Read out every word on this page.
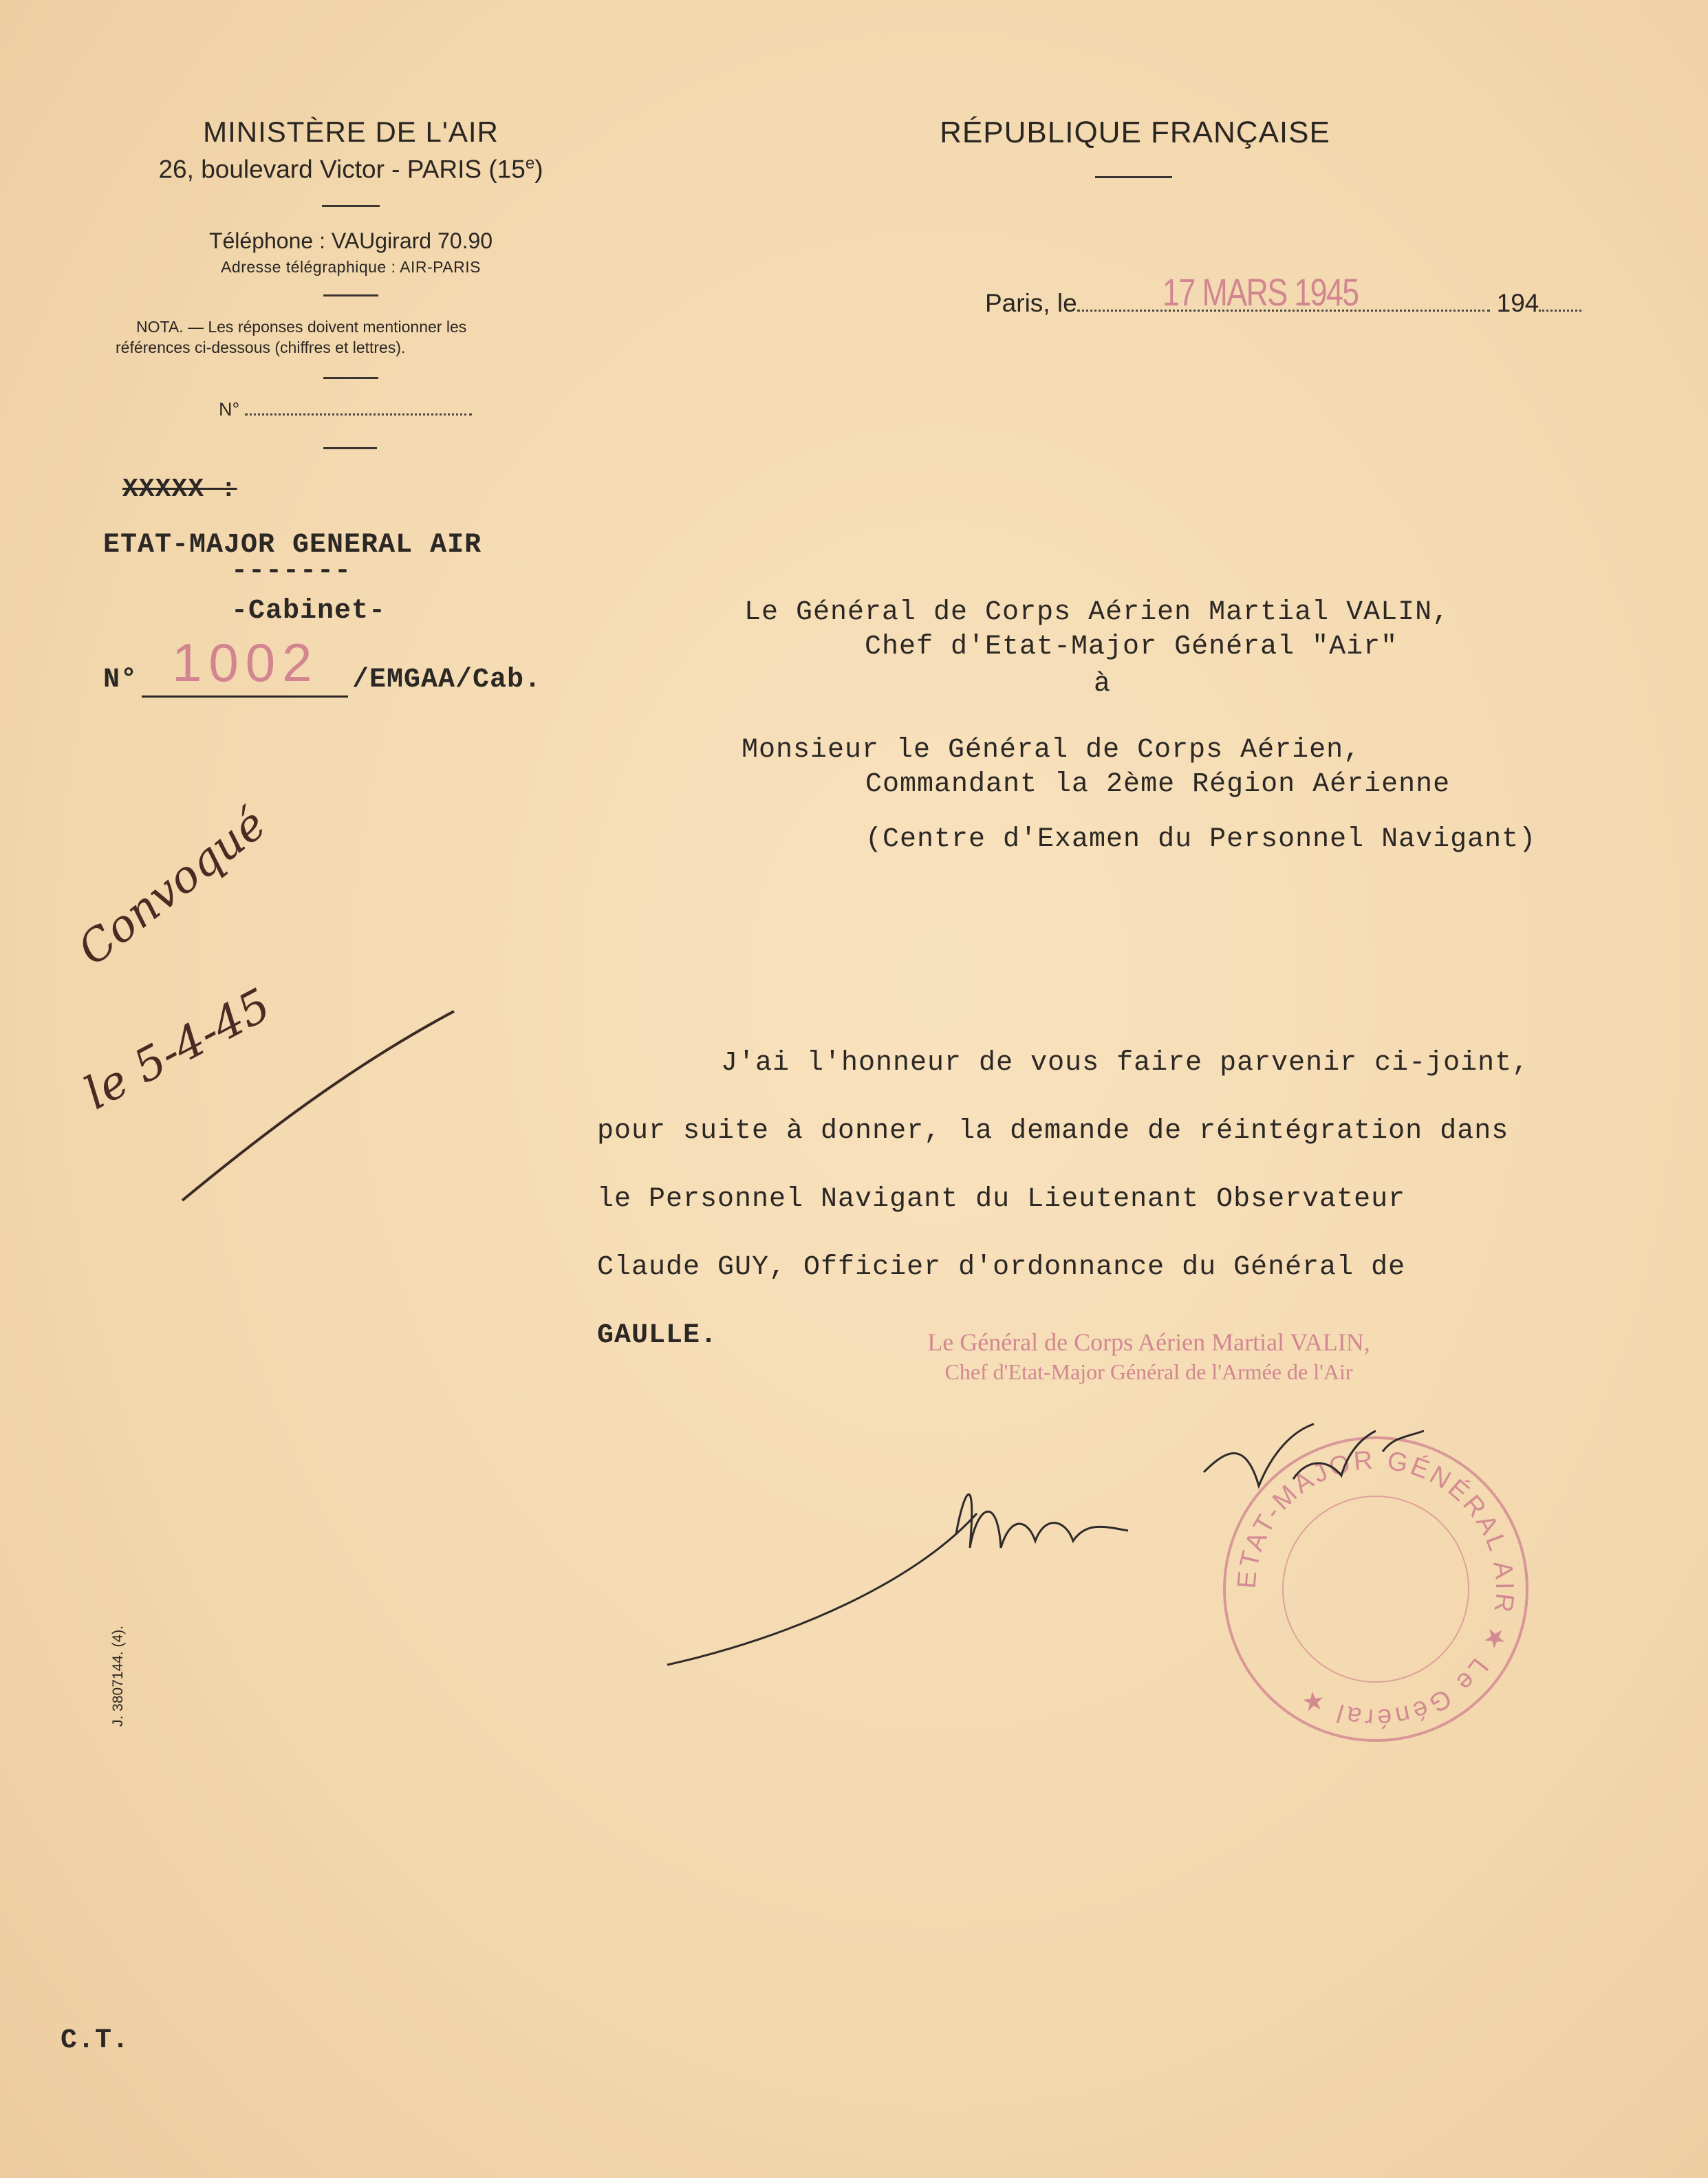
MINISTÈRE DE L'AIR
26, boulevard Victor - PARIS (15e)
Téléphone : VAUgirard 70.90
Adresse télégraphique : AIR-PARIS
NOTA. — Les réponses doivent mentionner les
références ci-dessous (chiffres et lettres).
N°
RÉPUBLIQUE FRANÇAISE
Paris, le	194
17 MARS 1945
XXXXX :
ETAT-MAJOR GENERAL AIR
-------
-Cabinet-
N°	/EMGAA/Cab.
1002
Le Général de Corps Aérien Martial VALIN,
Chef d'Etat-Major Général "Air"
à
Monsieur le Général de Corps Aérien,
Commandant la 2ème Région Aérienne
(Centre d'Examen du Personnel Navigant)
J'ai l'honneur de vous faire parvenir ci-joint,
pour suite à donner, la demande de réintégration dans
le Personnel Navigant du Lieutenant Observateur
Claude GUY, Officier d'ordonnance du Général de
GAULLE.	Le Général de Corps Aérien Martial VALIN,
Chef d'Etat-Major Général de l'Armée de l'Air
ETAT-MAJOR GÉNÉRAL AIR ★ Le Général ★
Convoqué
le 5-4-45
J. 3807144. (4).
C.T.
